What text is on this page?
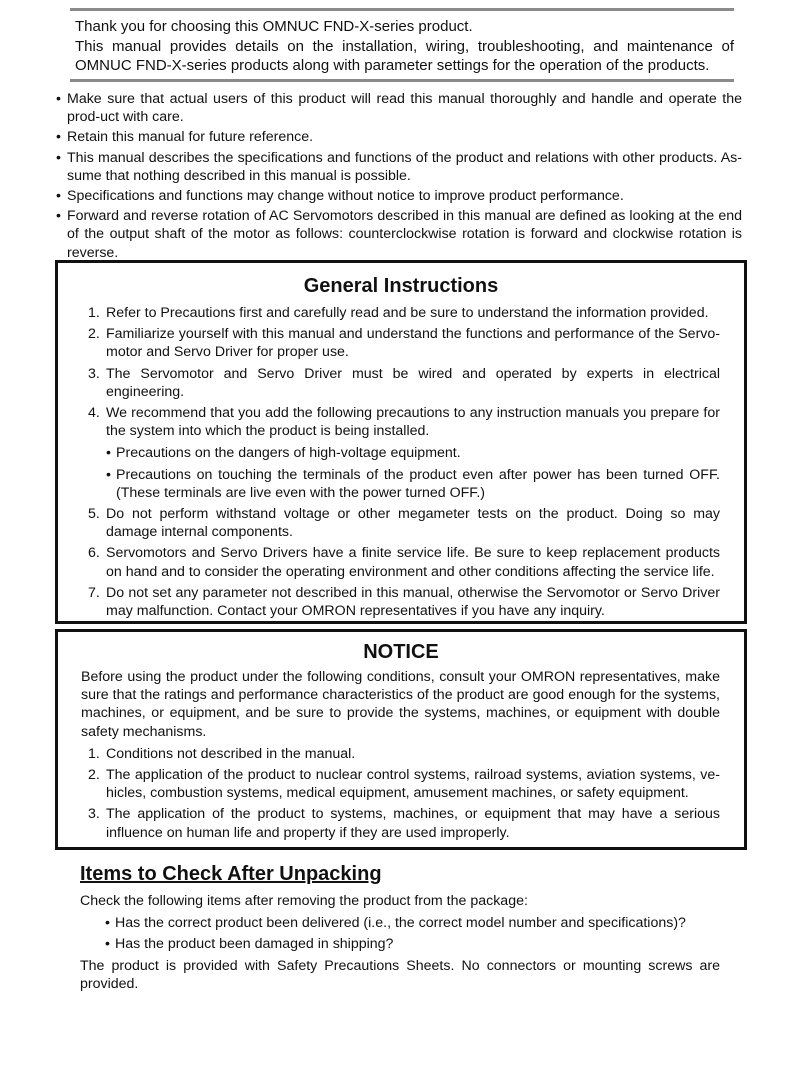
Thank you for choosing this OMNUC FND-X-series product.

This manual provides details on the installation, wiring, troubleshooting, and maintenance of OMNUC FND-X-series products along with parameter settings for the operation of the products.

• Make sure that actual users of this product will read this manual thoroughly and handle and operate the prod-uct with care.
• Retain this manual for future reference.
• This manual describes the specifications and functions of the product and relations with other products. As-sume that nothing described in this manual is possible.
• Specifications and functions may change without notice to improve product performance.
• Forward and reverse rotation of AC Servomotors described in this manual are defined as looking at the end of the output shaft of the motor as follows: counterclockwise rotation is forward and clockwise rotation is reverse.
General Instructions
1. Refer to Precautions first and carefully read and be sure to understand the information provided.
2. Familiarize yourself with this manual and understand the functions and performance of the Servo-motor and Servo Driver for proper use.
3. The Servomotor and Servo Driver must be wired and operated by experts in electrical engineering.
4. We recommend that you add the following precautions to any instruction manuals you prepare for the system into which the product is being installed.
• Precautions on the dangers of high-voltage equipment.
• Precautions on touching the terminals of the product even after power has been turned OFF. (These terminals are live even with the power turned OFF.)
5. Do not perform withstand voltage or other megameter tests on the product. Doing so may damage internal components.
6. Servomotors and Servo Drivers have a finite service life. Be sure to keep replacement products on hand and to consider the operating environment and other conditions affecting the service life.
7. Do not set any parameter not described in this manual, otherwise the Servomotor or Servo Driver may malfunction. Contact your OMRON representatives if you have any inquiry.
NOTICE

Before using the product under the following conditions, consult your OMRON representatives, make sure that the ratings and performance characteristics of the product are good enough for the systems, machines, or equipment, and be sure to provide the systems, machines, or equipment with double safety mechanisms.

1. Conditions not described in the manual.
2. The application of the product to nuclear control systems, railroad systems, aviation systems, ve-hicles, combustion systems, medical equipment, amusement machines, or safety equipment.
3. The application of the product to systems, machines, or equipment that may have a serious influence on human life and property if they are used improperly.
Items to Check After Unpacking

Check the following items after removing the product from the package:

• Has the correct product been delivered (i.e., the correct model number and specifications)?
• Has the product been damaged in shipping?

The product is provided with Safety Precautions Sheets. No connectors or mounting screws are provided.
